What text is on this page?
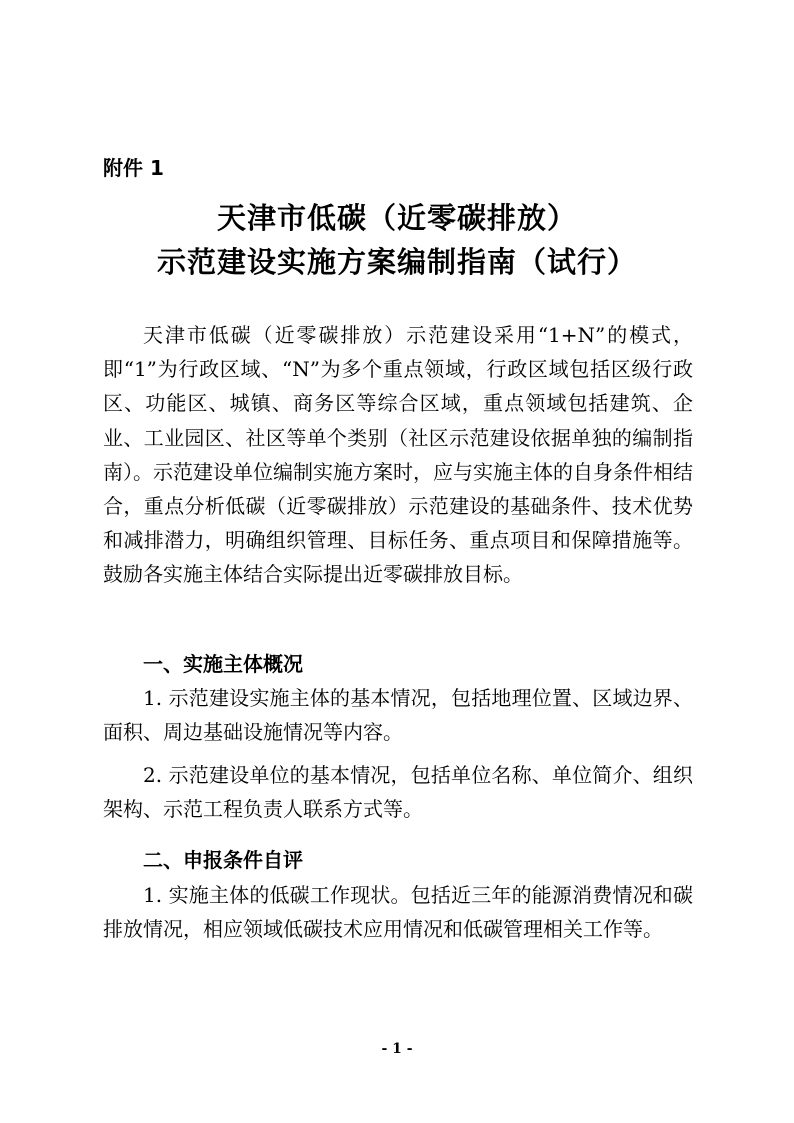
附件 1
天津市低碳（近零碳排放）
示范建设实施方案编制指南（试行）

天津市低碳（近零碳排放）示范建设采用“1+N”的模式，即“1”为行政区域、“N”为多个重点领域，行政区域包括区级行政区、功能区、城镇、商务区等综合区域，重点领域包括建筑、企业、工业园区、社区等单个类别（社区示范建设依据单独的编制指南）。示范建设单位编制实施方案时，应与实施主体的自身条件相结合，重点分析低碳（近零碳排放）示范建设的基础条件、技术优势和减排潜力，明确组织管理、目标任务、重点项目和保障措施等。鼓励各实施主体结合实际提出近零碳排放目标。

一、实施主体概况

1. 示范建设实施主体的基本情况，包括地理位置、区域边界、面积、周边基础设施情况等内容。

2. 示范建设单位的基本情况，包括单位名称、单位简介、组织架构、示范工程负责人联系方式等。

二、申报条件自评

1. 实施主体的低碳工作现状。包括近三年的能源消费情况和碳排放情况，相应领域低碳技术应用情况和低碳管理相关工作等。

- 1 -
